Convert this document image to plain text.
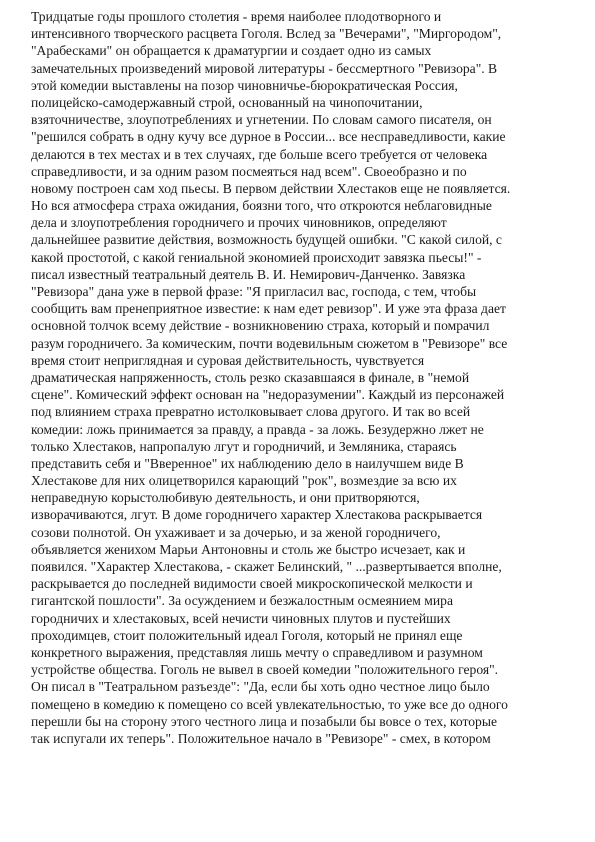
Тридцатые годы прошлого столетия - время наиболее плодотворного и
интенсивного творческого расцвета Гоголя. Вслед за "Вечерами", "Миргородом",
"Арабесками" он обращается к драматургии и создает одно из самых
замечательных произведений мировой литературы - бессмертного "Ревизора". В
этой комедии выставлены на позор чиновничье-бюрократическая Россия,
полицейско-самодержавный строй, основанный на чинопочитании,
взяточничестве, злоупотреблениях и угнетении. По словам самого писателя, он
"решился собрать в одну кучу все дурное в России... все несправедливости, какие
делаются в тех местах и в тех случаях, где больше всего требуется от человека
справедливости, и за одним разом посмеяться над всем". Своеобразно и по
новому построен сам ход пьесы. В первом действии Хлестаков еще не появляется.
Но вся атмосфера страха ожидания, боязни того, что откроются неблаговидные
дела и злоупотребления городничего и прочих чиновников, определяют
дальнейшее развитие действия, возможность будущей ошибки. "С какой силой, с
какой простотой, с какой гениальной экономией происходит завязка пьесы!" -
писал известный театральный деятель В. И. Немирович-Данченко. Завязка
"Ревизора" дана уже в первой фразе: "Я пригласил вас, господа, с тем, чтобы
сообщить вам пренеприятное известие: к нам едет ревизор". И уже эта фраза дает
основной толчок всему действие - возникновению страха, который и помрачил
разум городничего. За комическим, почти водевильным сюжетом в "Ревизоре" все
время стоит неприглядная и суровая действительность, чувствуется
драматическая напряженность, столь резко сказавшаяся в финале, в "немой
сцене". Комический эффект основан на "недоразумении". Каждый из персонажей
под влиянием страха превратно истолковывает слова другого. И так во всей
комедии: ложь принимается за правду, а правда - за ложь. Безудержно лжет не
только Хлестаков, напропалую лгут и городничий, и Земляника, стараясь
представить себя и "Вверенное" их наблюдению дело в наилучшем виде В
Хлестакове для них олицетворился карающий "рок", возмездие за всю их
неправедную корыстолюбивую деятельность, и они притворяются,
изворачиваются, лгут. В доме городничего характер Хлестакова раскрывается
созови полнотой. Он ухаживает и за дочерью, и за женой городничего,
объявляется женихом Марьи Антоновны и столь же быстро исчезает, как и
появился. "Характер Хлестакова, - скажет Белинский, " ...развертывается вполне,
раскрывается до последней видимости своей микроскопической мелкости и
гигантской пошлости". За осуждением и безжалостным осмеянием мира
городничих и хлестаковых, всей нечисти чиновных плутов и пустейших
проходимцев, стоит положительный идеал Гоголя, который не принял еще
конкретного выражения, представляя лишь мечту о справедливом и разумном
устройстве общества. Гоголь не вывел в своей комедии "положительного героя".
Он писал в "Театральном разъезде": "Да, если бы хоть одно честное лицо было
помещено в комедию к помещено со всей увлекательностью, то уже все до одного
перешли бы на сторону этого честного лица и позабыли бы вовсе о тех, которые
так испугали их теперь". Положительное начало в "Ревизоре" - смех, в котором
